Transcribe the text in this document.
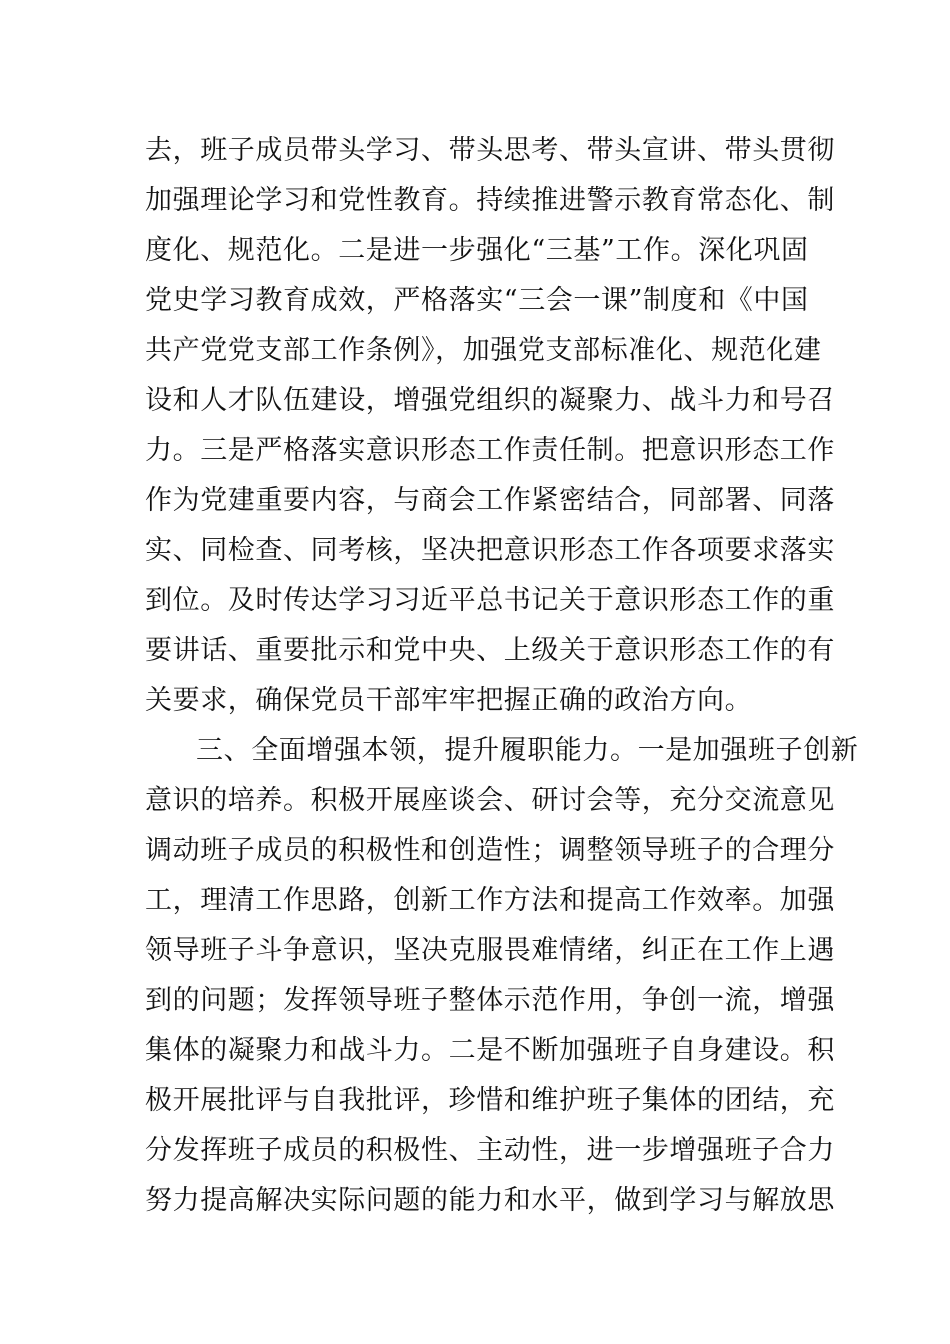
去，班子成员带头学习、带头思考、带头宣讲、带头贯彻
加强理论学习和党性教育。持续推进警示教育常态化、制
度化、规范化。二是进一步强化“三基”工作。深化巩固
党史学习教育成效，严格落实“三会一课”制度和《中国
共产党党支部工作条例》，加强党支部标准化、规范化建
设和人才队伍建设，增强党组织的凝聚力、战斗力和号召
力。三是严格落实意识形态工作责任制。把意识形态工作
作为党建重要内容，与商会工作紧密结合，同部署、同落
实、同检查、同考核，坚决把意识形态工作各项要求落实
到位。及时传达学习习近平总书记关于意识形态工作的重
要讲话、重要批示和党中央、上级关于意识形态工作的有
关要求，确保党员干部牢牢把握正确的政治方向。
三、全面增强本领，提升履职能力。一是加强班子创新
意识的培养。积极开展座谈会、研讨会等，充分交流意见
调动班子成员的积极性和创造性；调整领导班子的合理分
工，理清工作思路，创新工作方法和提高工作效率。加强
领导班子斗争意识，坚决克服畏难情绪，纠正在工作上遇
到的问题；发挥领导班子整体示范作用，争创一流，增强
集体的凝聚力和战斗力。二是不断加强班子自身建设。积
极开展批评与自我批评，珍惜和维护班子集体的团结，充
分发挥班子成员的积极性、主动性，进一步增强班子合力
努力提高解决实际问题的能力和水平，做到学习与解放思
